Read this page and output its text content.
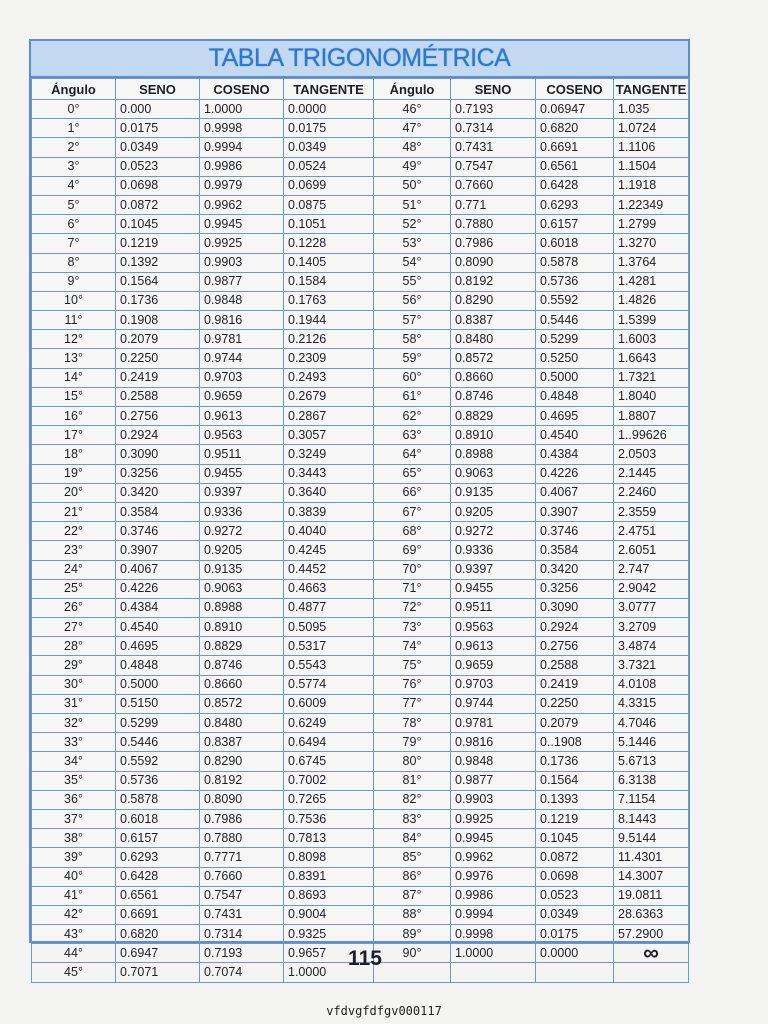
TABLA TRIGONOMÉTRICA
Ángulo	SENO	COSENO	TANGENTE	Ángulo	SENO	COSENO	TANGENTE
0°	0.000	1.0000	0.0000	46°	0.7193	0.06947	1.035
1°	0.0175	0.9998	0.0175	47°	0.7314	0.6820	1.0724
2°	0.0349	0.9994	0.0349	48°	0.7431	0.6691	1.1106
3°	0.0523	0.9986	0.0524	49°	0.7547	0.6561	1.1504
4°	0.0698	0.9979	0.0699	50°	0.7660	0.6428	1.1918
5°	0.0872	0.9962	0.0875	51°	0.771	0.6293	1.22349
6°	0.1045	0.9945	0.1051	52°	0.7880	0.6157	1.2799
7°	0.1219	0.9925	0.1228	53°	0.7986	0.6018	1.3270
8°	0.1392	0.9903	0.1405	54°	0.8090	0.5878	1.3764
9°	0.1564	0.9877	0.1584	55°	0.8192	0.5736	1.4281
10°	0.1736	0.9848	0.1763	56°	0.8290	0.5592	1.4826
11°	0.1908	0.9816	0.1944	57°	0.8387	0.5446	1.5399
12°	0.2079	0.9781	0.2126	58°	0.8480	0.5299	1.6003
13°	0.2250	0.9744	0.2309	59°	0.8572	0.5250	1.6643
14°	0.2419	0.9703	0.2493	60°	0.8660	0.5000	1.7321
15°	0.2588	0.9659	0.2679	61°	0.8746	0.4848	1.8040
16°	0.2756	0.9613	0.2867	62°	0.8829	0.4695	1.8807
17°	0.2924	0.9563	0.3057	63°	0.8910	0.4540	1..99626
18°	0.3090	0.9511	0.3249	64°	0.8988	0.4384	2.0503
19°	0.3256	0.9455	0.3443	65°	0.9063	0.4226	2.1445
20°	0.3420	0.9397	0.3640	66°	0.9135	0.4067	2.2460
21°	0.3584	0.9336	0.3839	67°	0.9205	0.3907	2.3559
22°	0.3746	0.9272	0.4040	68°	0.9272	0.3746	2.4751
23°	0.3907	0.9205	0.4245	69°	0.9336	0.3584	2.6051
24°	0.4067	0.9135	0.4452	70°	0.9397	0.3420	2.747
25°	0.4226	0.9063	0.4663	71°	0.9455	0.3256	2.9042
26°	0.4384	0.8988	0.4877	72°	0.9511	0.3090	3.0777
27°	0.4540	0.8910	0.5095	73°	0.9563	0.2924	3.2709
28°	0.4695	0.8829	0.5317	74°	0.9613	0.2756	3.4874
29°	0.4848	0.8746	0.5543	75°	0.9659	0.2588	3.7321
30°	0.5000	0.8660	0.5774	76°	0.9703	0.2419	4.0108
31°	0.5150	0.8572	0.6009	77°	0.9744	0.2250	4.3315
32°	0.5299	0.8480	0.6249	78°	0.9781	0.2079	4.7046
33°	0.5446	0.8387	0.6494	79°	0.9816	0..1908	5.1446
34°	0.5592	0.8290	0.6745	80°	0.9848	0.1736	5.6713
35°	0.5736	0.8192	0.7002	81°	0.9877	0.1564	6.3138
36°	0.5878	0.8090	0.7265	82°	0.9903	0.1393	7.1154
37°	0.6018	0.7986	0.7536	83°	0.9925	0.1219	8.1443
38°	0.6157	0.7880	0.7813	84°	0.9945	0.1045	9.5144
39°	0.6293	0.7771	0.8098	85°	0.9962	0.0872	11.4301
40°	0.6428	0.7660	0.8391	86°	0.9976	0.0698	14.3007
41°	0.6561	0.7547	0.8693	87°	0.9986	0.0523	19.0811
42°	0.6691	0.7431	0.9004	88°	0.9994	0.0349	28.6363
43°	0.6820	0.7314	0.9325	89°	0.9998	0.0175	57.2900
44°	0.6947	0.7193	0.9657	90°	1.0000	0.0000	∞
45°	0.7071	0.7074	1.0000				
115
vfdvgfdfgv000117
